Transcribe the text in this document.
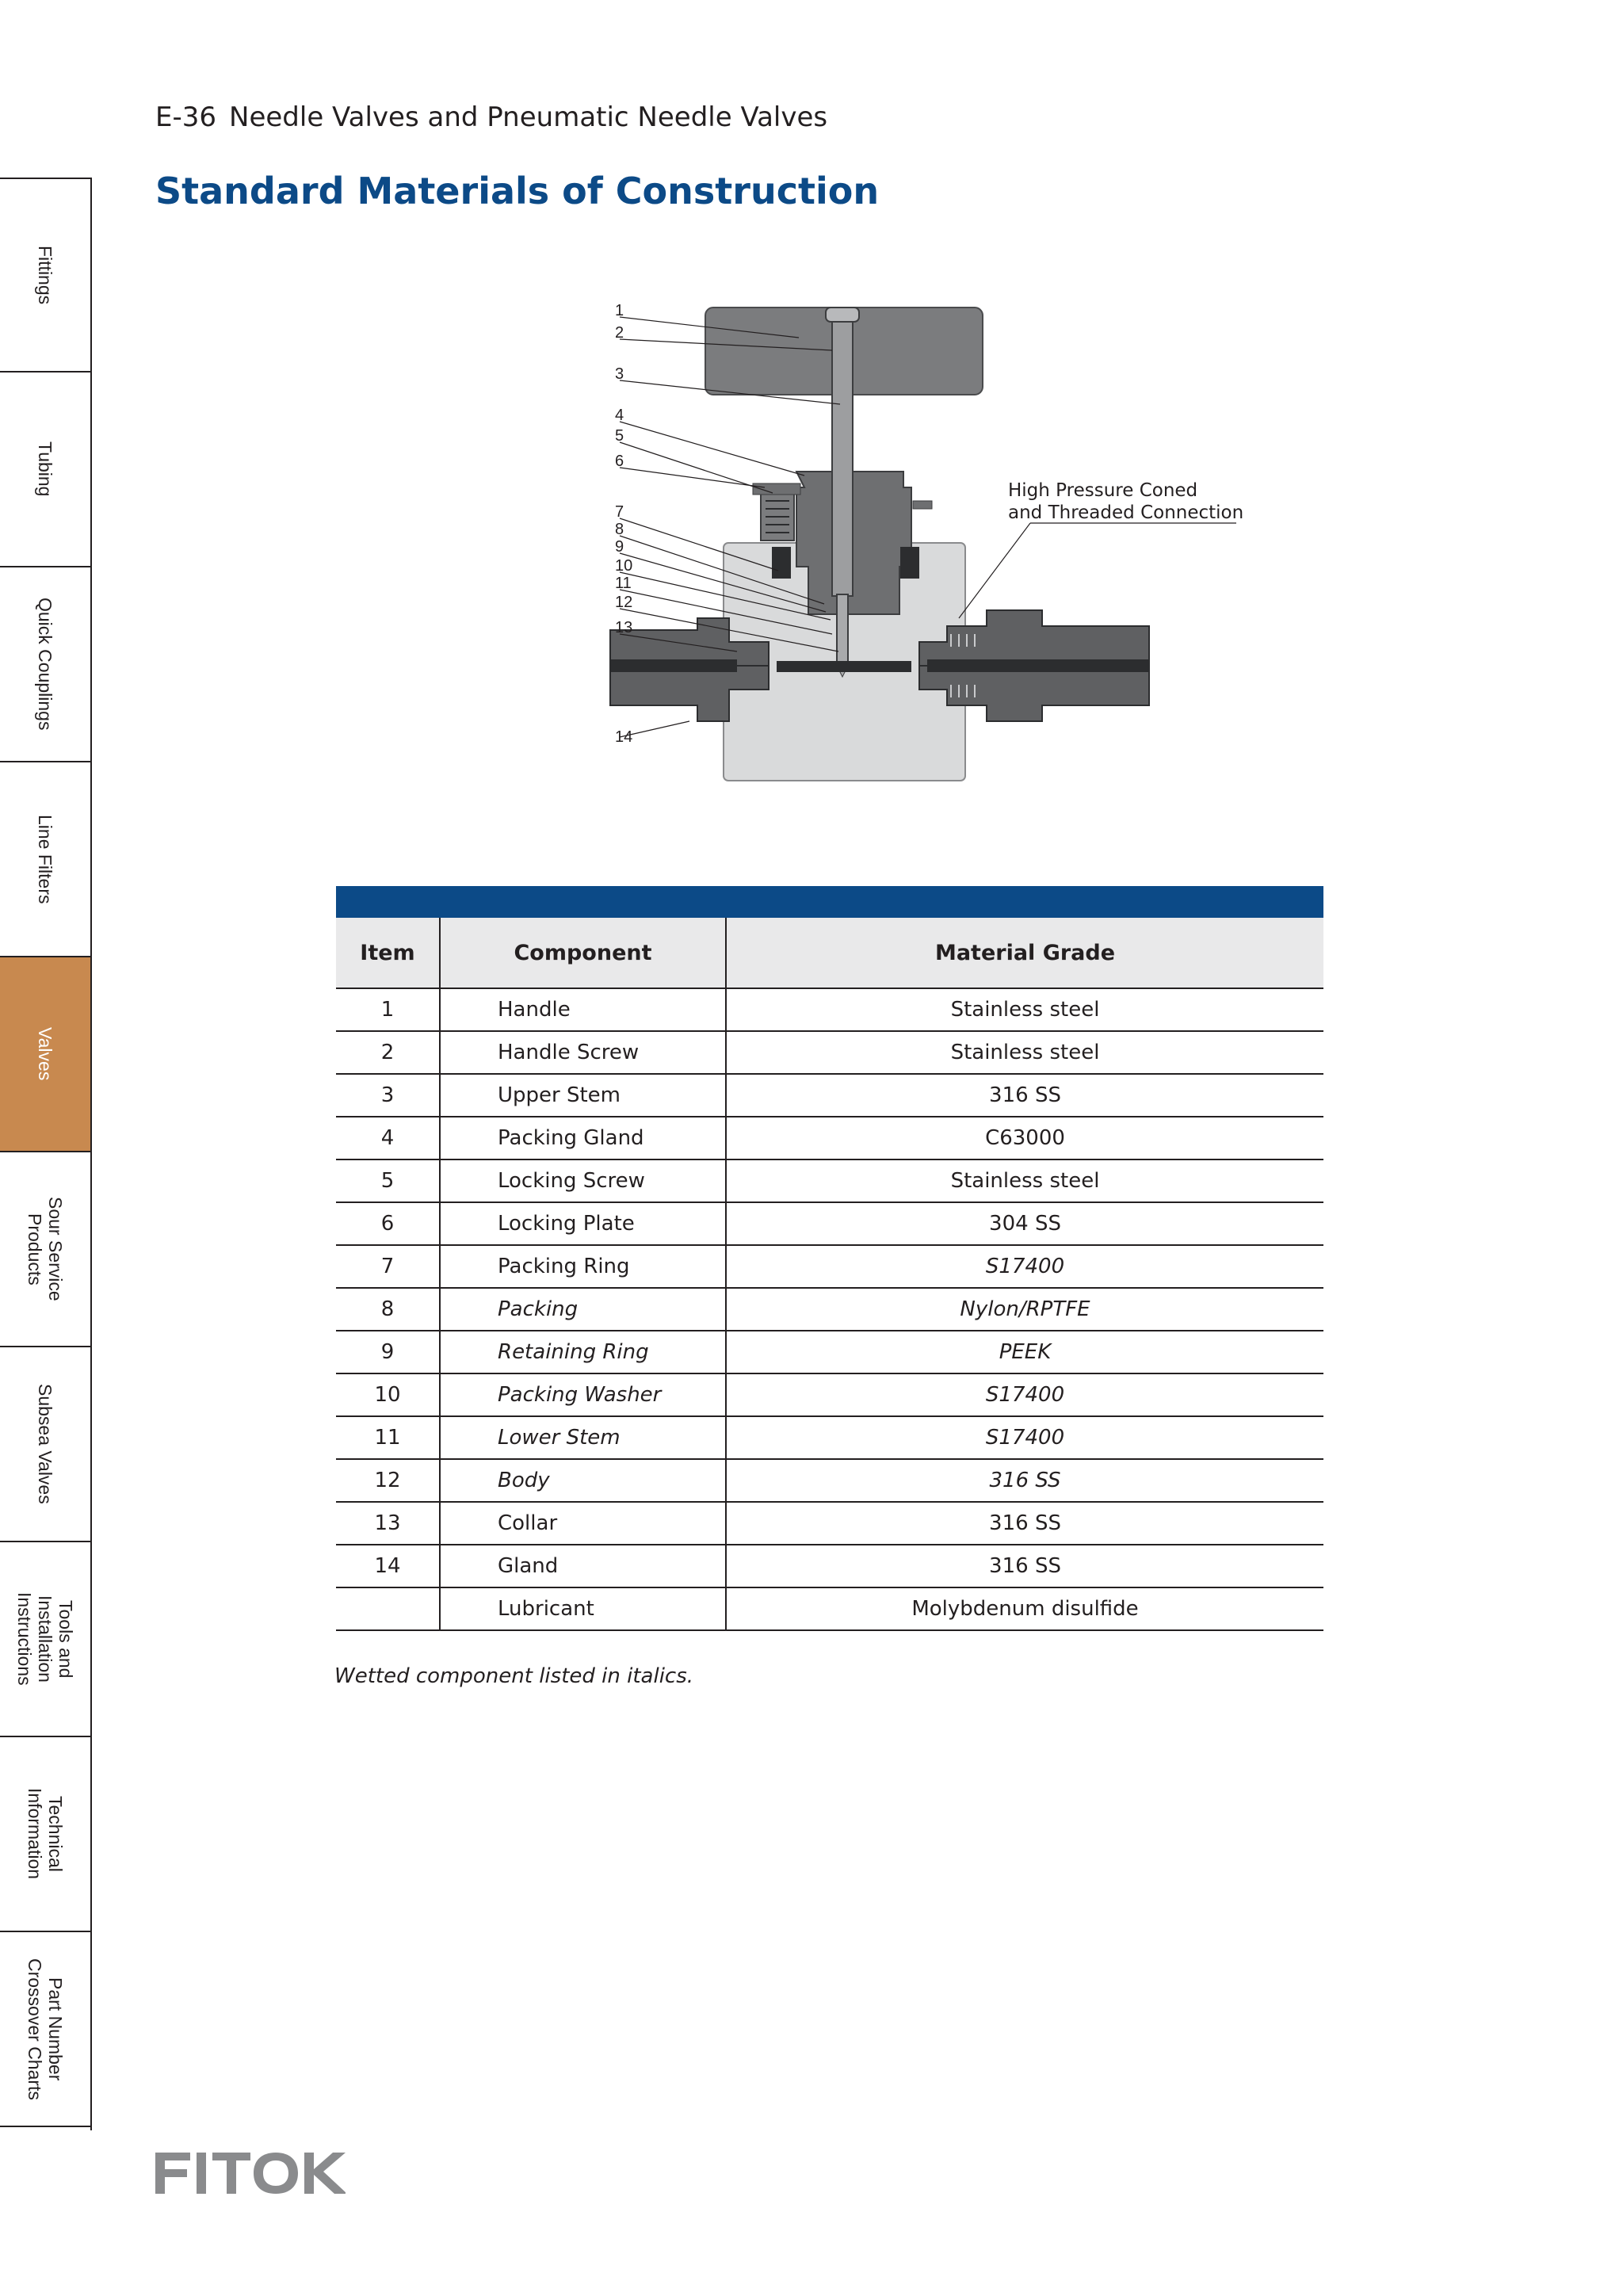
Fittings
Tubing
Quick Couplings
Line Filters
Valves
Sour Service
Products
Subsea Valves
Tools and
Installation
Instructions
Technical
Information
Part Number
Crossover Charts
E-36 Needle Valves and Pneumatic Needle Valves
Standard Materials of Construction
1
2
3
4
5
6
7
8
9
10
11
12
13
14
High Pressure Coned
and Threaded Connection

Item	Component	Material Grade
1	Handle	Stainless steel
2	Handle Screw	Stainless steel
3	Upper Stem	316 SS
4	Packing Gland	C63000
5	Locking Screw	Stainless steel
6	Locking Plate	304 SS
7	Packing Ring	S17400
8	Packing	Nylon/RPTFE
9	Retaining Ring	PEEK
10	Packing Washer	S17400
11	Lower Stem	S17400
12	Body	316 SS
13	Collar	316 SS
14	Gland	316 SS
	Lubricant	Molybdenum disulfide

Wetted component listed in italics.
